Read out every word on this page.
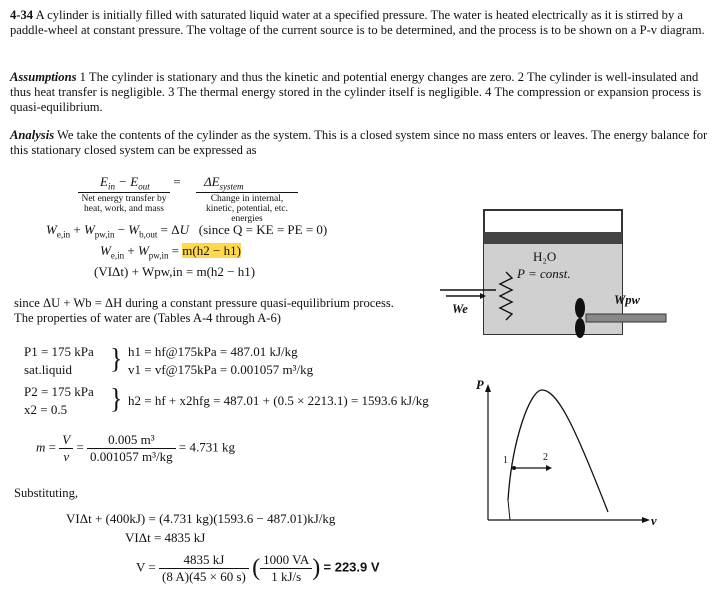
4-34 A cylinder is initially filled with saturated liquid water at a specified pressure. The water is heated electrically as it is stirred by a paddle-wheel at constant pressure. The voltage of the current source is to be determined, and the process is to be shown on a P-v diagram.
Assumptions 1 The cylinder is stationary and thus the kinetic and potential energy changes are zero. 2 The cylinder is well-insulated and thus heat transfer is negligible. 3 The thermal energy stored in the cylinder itself is negligible. 4 The compression or expansion process is quasi-equilibrium.
Analysis We take the contents of the cylinder as the system. This is a closed system since no mass enters or leaves. The energy balance for this stationary closed system can be expressed as
$E_{in} - E_{out}$       =       $\Delta E_{system}$
Net energy transfer by heat, work, and mass
Change in internal, kinetic, potential, etc. energies
$W_{e,in} + W_{pw,in} - W_{b,out} = \Delta U$ (since Q = KE = PE = 0)
$W_{e,in} + W_{pw,in} = m(h2 - h1)$
(VIΔt) + Wpw,in = m(h2 − h1)
since ΔU + Wb = ΔH during a constant pressure quasi-equilibrium process. The properties of water are (Tables A-4 through A-6)
P1 = 175 kPa
sat.liquid } h1 = hf@175kPa = 487.01 kJ/kg
v1 = vf@175kPa = 0.001057 m³/kg
P2 = 175 kPa
x2 = 0.5 } h2 = hf + x2hfg = 487.01 + (0.5 × 2213.1) = 1593.6 kJ/kg
$m = \frac{V}{v} = \frac{\text{0.005 m³}}{\text{0.001057 m³/kg}} = 4.731$ kg
Substituting,
VIΔt + (400kJ) = (4.731 kg)(1593.6 − 487.01)kJ/kg
VIΔt = 4835 kJ
$V = \frac{4835 kJ}{(8 A)(45 \times 60 s)}$ ( $\frac{1000 VA}{1 kJ/s}$ ) = 223.9 V
H₂O
P = const.
We
Wpw
P
v
1	2
